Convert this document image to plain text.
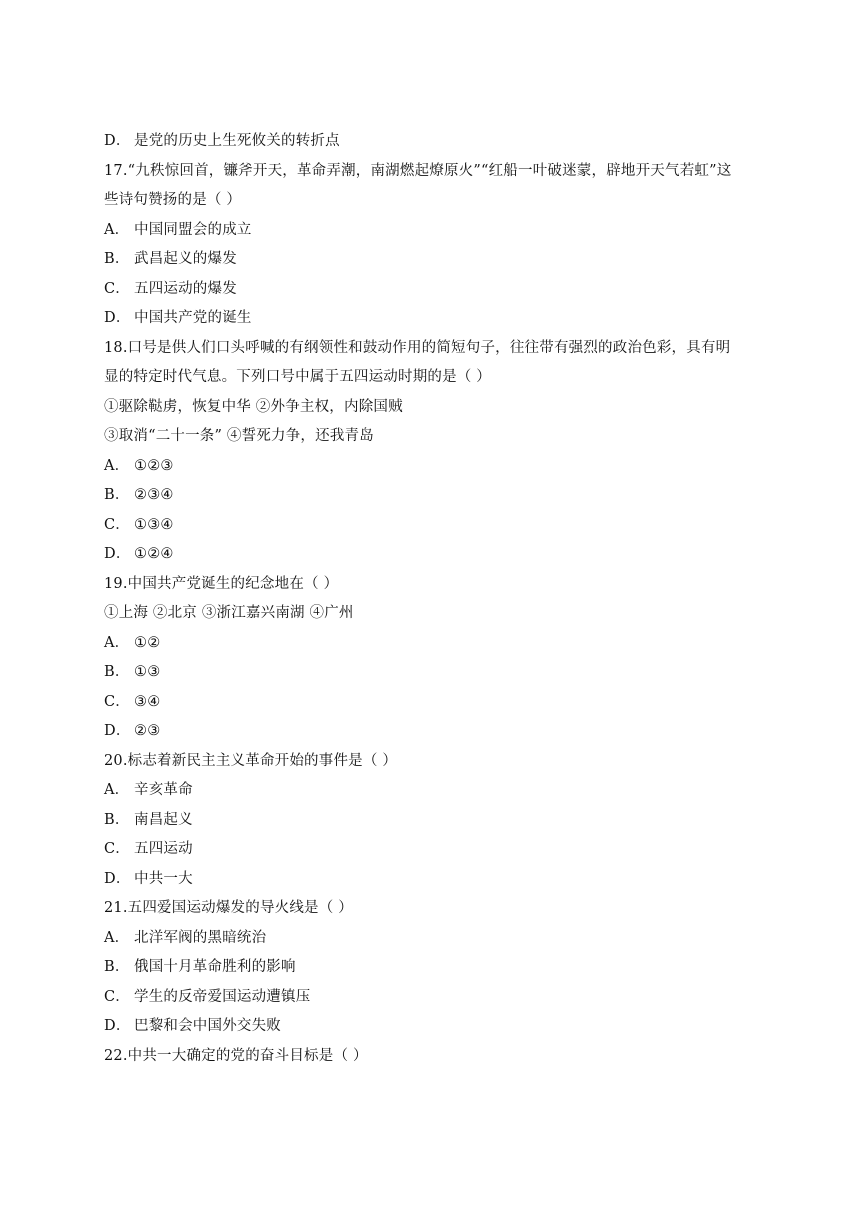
D． 是党的历史上生死攸关的转折点
17.“九秩惊回首，镰斧开天，革命弄潮，南湖燃起燎原火”“红船一叶破迷蒙，辟地开天气若虹”这
些诗句赞扬的是（ ）
A． 中国同盟会的成立
B． 武昌起义的爆发
C． 五四运动的爆发
D． 中国共产党的诞生
18.口号是供人们口头呼喊的有纲领性和鼓动作用的简短句子，往往带有强烈的政治色彩，具有明
显的特定时代气息。下列口号中属于五四运动时期的是（ ）
①驱除鞑虏，恢复中华 ②外争主权，内除国贼
③取消“二十一条” ④誓死力争，还我青岛
A． ①②③
B． ②③④
C． ①③④
D． ①②④
19.中国共产党诞生的纪念地在（ ）
①上海 ②北京 ③浙江嘉兴南湖 ④广州
A． ①②
B． ①③
C． ③④
D． ②③
20.标志着新民主主义革命开始的事件是（ ）
A． 辛亥革命
B． 南昌起义
C． 五四运动
D． 中共一大
21.五四爱国运动爆发的导火线是（ ）
A． 北洋军阀的黑暗统治
B． 俄国十月革命胜利的影响
C． 学生的反帝爱国运动遭镇压
D． 巴黎和会中国外交失败
22.中共一大确定的党的奋斗目标是（ ）
